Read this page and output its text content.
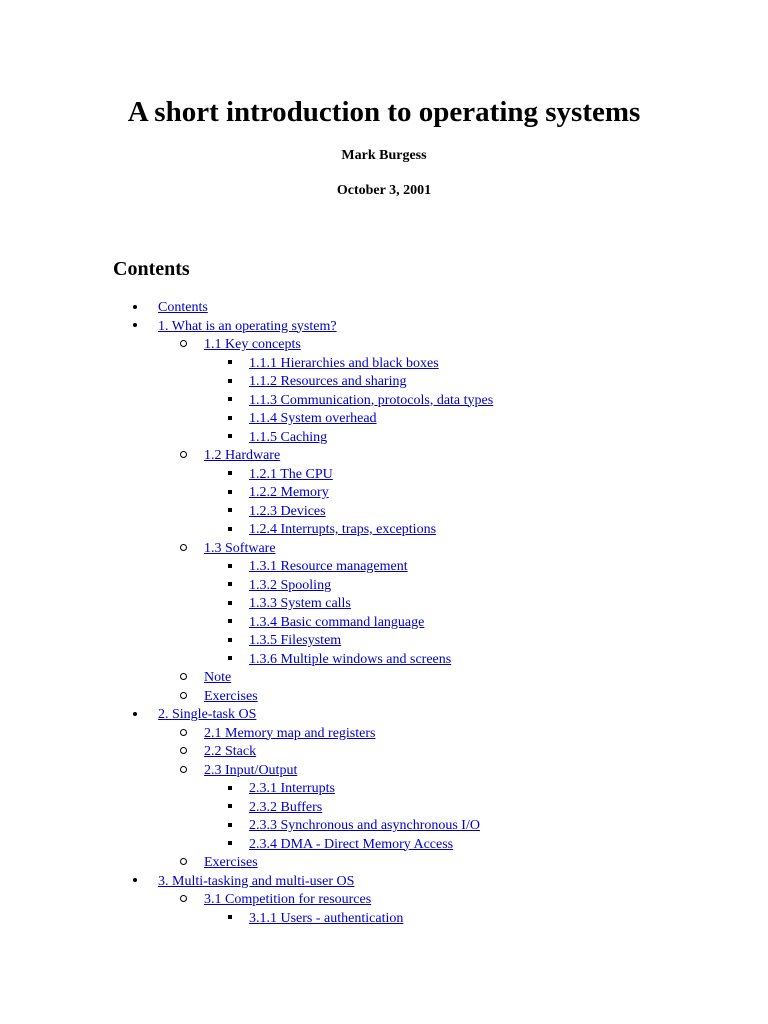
A short introduction to operating systems
Mark Burgess
October 3, 2001
Contents
Contents
1. What is an operating system?
1.1 Key concepts
1.1.1 Hierarchies and black boxes
1.1.2 Resources and sharing
1.1.3 Communication, protocols, data types
1.1.4 System overhead
1.1.5 Caching
1.2 Hardware
1.2.1 The CPU
1.2.2 Memory
1.2.3 Devices
1.2.4 Interrupts, traps, exceptions
1.3 Software
1.3.1 Resource management
1.3.2 Spooling
1.3.3 System calls
1.3.4 Basic command language
1.3.5 Filesystem
1.3.6 Multiple windows and screens
Note
Exercises
2. Single-task OS
2.1 Memory map and registers
2.2 Stack
2.3 Input/Output
2.3.1 Interrupts
2.3.2 Buffers
2.3.3 Synchronous and asynchronous I/O
2.3.4 DMA - Direct Memory Access
Exercises
3. Multi-tasking and multi-user OS
3.1 Competition for resources
3.1.1 Users - authentication
